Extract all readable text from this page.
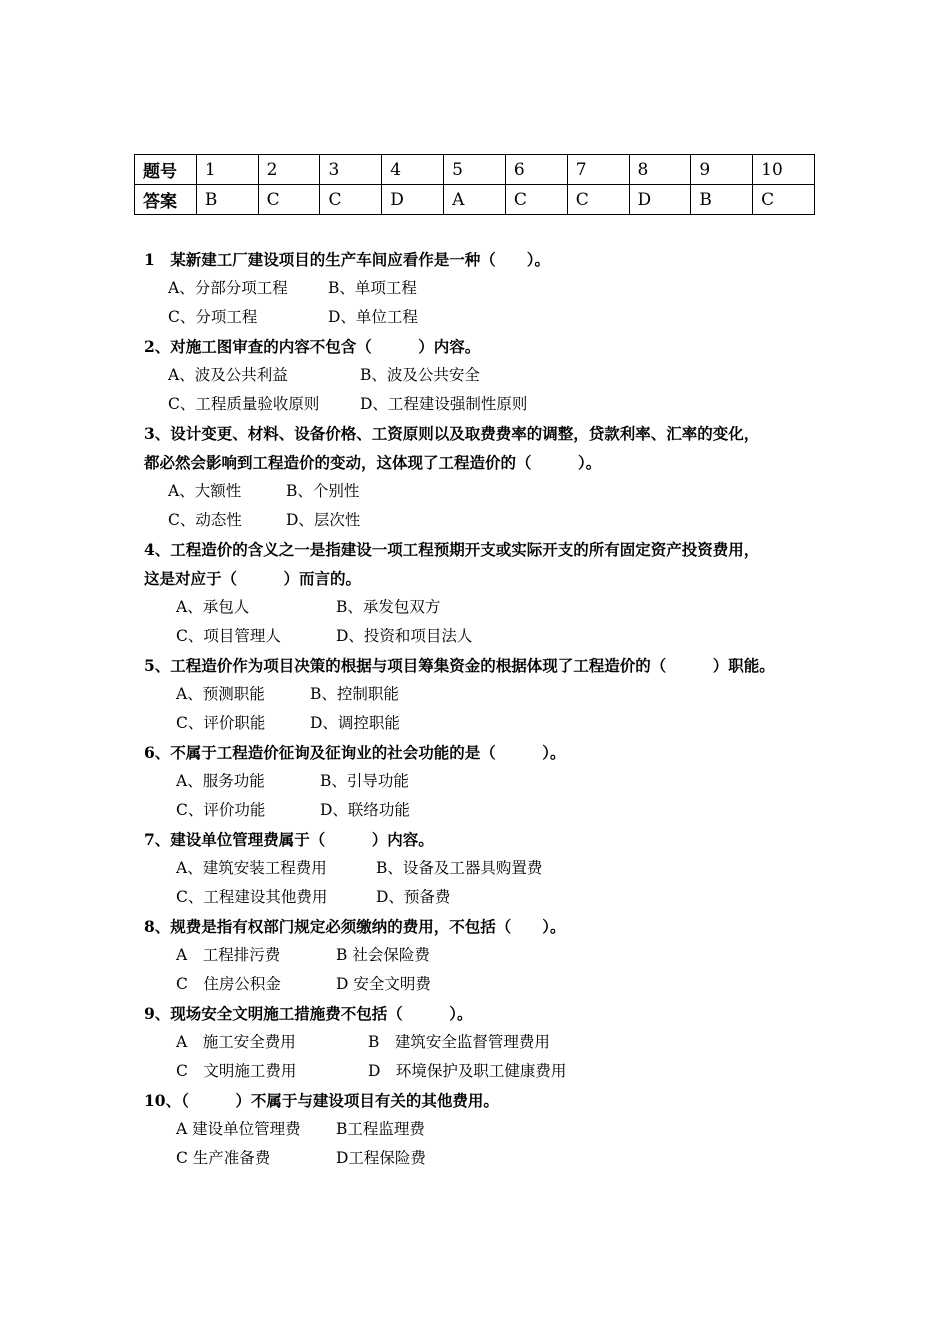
题号	1	2	3	4	5	6	7	8	9	10
答案	B	C	C	D	A	C	C	D	B	C
1　某新建工厂建设项目的生产车间应看作是一种（　　）。
A、分部分项工程	B、单项工程
C、分项工程	D、单位工程
2、对施工图审查的内容不包含（　　　）内容。
A、波及公共利益	B、波及公共安全
C、工程质量验收原则	D、工程建设强制性原则
3、设计变更、材料、设备价格、工资原则以及取费费率的调整，贷款利率、汇率的变化，
都必然会影响到工程造价的变动，这体现了工程造价的（　　　）。
A、大额性	B、个别性
C、动态性	D、层次性
4、工程造价的含义之一是指建设一项工程预期开支或实际开支的所有固定资产投资费用，
这是对应于（　　　）而言的。
A、承包人	B、承发包双方
C、项目管理人	D、投资和项目法人
5、工程造价作为项目决策的根据与项目筹集资金的根据体现了工程造价的（　　　）职能。
A、预测职能	B、控制职能
C、评价职能	D、调控职能
6、不属于工程造价征询及征询业的社会功能的是（　　　）。
A、服务功能	B、引导功能
C、评价功能	D、联络功能
7、建设单位管理费属于（　　　）内容。
A、建筑安装工程费用	B、设备及工器具购置费
C、工程建设其他费用	D、预备费
8、规费是指有权部门规定必须缴纳的费用，不包括（　　）。
A　工程排污费	B 社会保险费
C　住房公积金	D 安全文明费
9、现场安全文明施工措施费不包括（　　　）。
A　施工安全费用	B　建筑安全监督管理费用
C　文明施工费用	D　环境保护及职工健康费用
10、（　　　）不属于与建设项目有关的其他费用。
A 建设单位管理费 B工程监理费
C 生产准备费	D工程保险费
